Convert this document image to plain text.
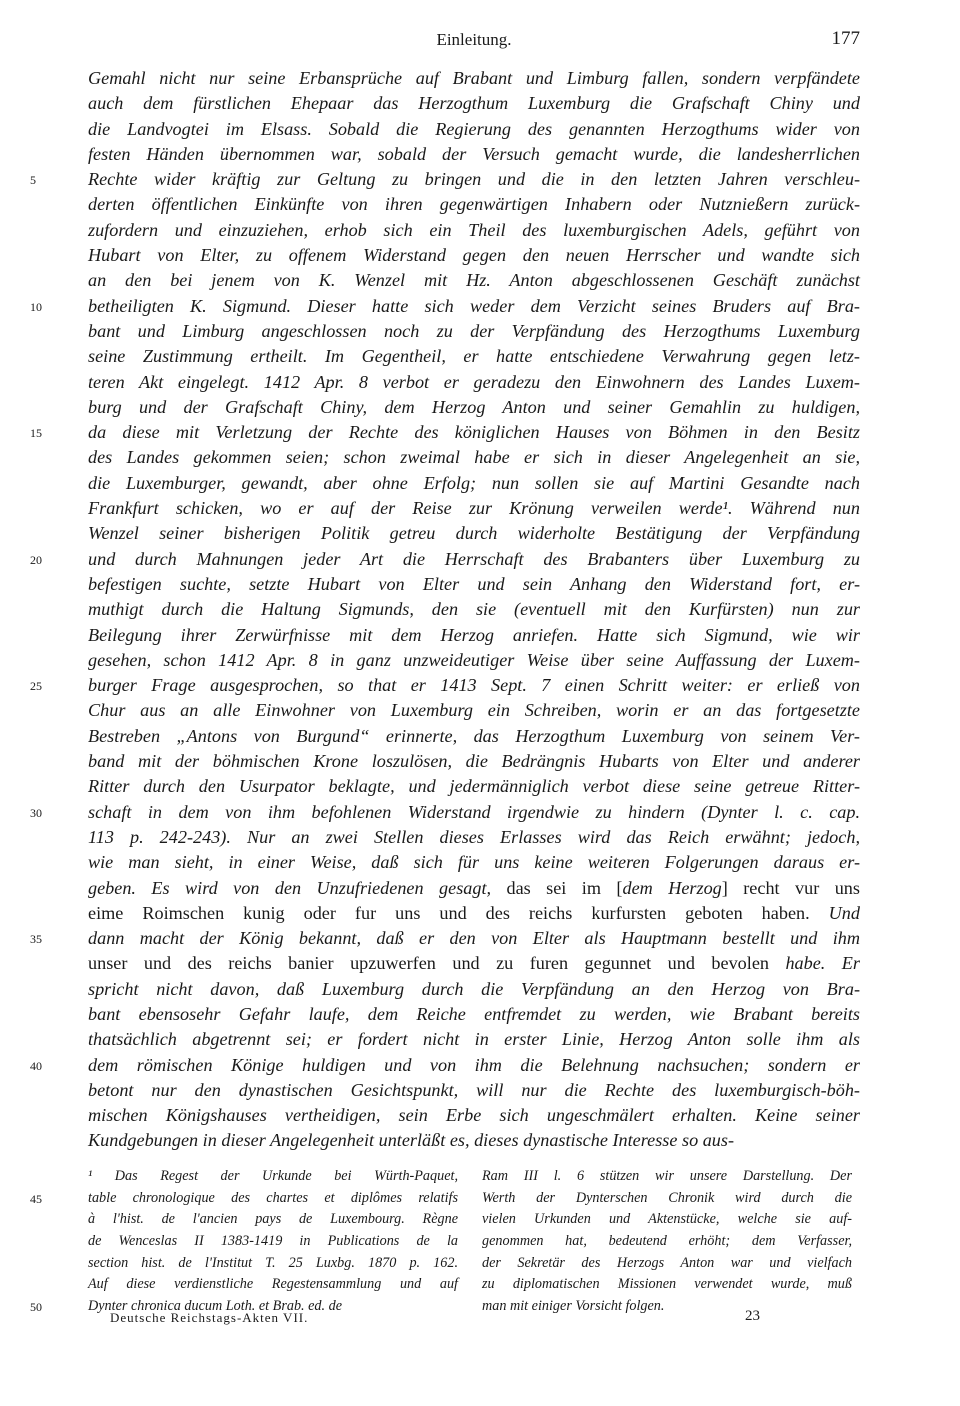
Einleitung.	177
Gemahl nicht nur seine Erbansprüche auf Brabant und Limburg fallen, sondern verpfändete
auch dem fürstlichen Ehepaar das Herzogthum Luxemburg die Grafschaft Chiny und
die Landvogtei im Elsass. Sobald die Regierung des genannten Herzogthums wider von
festen Händen übernommen war, sobald der Versuch gemacht wurde, die landesherrlichen
5	Rechte wider kräftig zur Geltung zu bringen und die in den letzten Jahren verschleu-
derten öffentlichen Einkünfte von ihren gegenwärtigen Inhabern oder Nutznießern zurück-
zufordern und einzuziehen, erhob sich ein Theil des luxemburgischen Adels, geführt von
Hubart von Elter, zu offenem Widerstand gegen den neuen Herrscher und wandte sich
an den bei jenem von K. Wenzel mit Hz. Anton abgeschlossenen Geschäft zunächst
10	betheiligten K. Sigmund. Dieser hatte sich weder dem Verzicht seines Bruders auf Bra-
bant und Limburg angeschlossen noch zu der Verpfändung des Herzogthums Luxemburg
seine Zustimmung ertheilt. Im Gegentheil, er hatte entschiedene Verwahrung gegen letz-
teren Akt eingelegt. 1412 Apr. 8 verbot er geradezu den Einwohnern des Landes Luxem-
burg und der Grafschaft Chiny, dem Herzog Anton und seiner Gemahlin zu huldigen,
15	da diese mit Verletzung der Rechte des königlichen Hauses von Böhmen in den Besitz
des Landes gekommen seien; schon zweimal habe er sich in dieser Angelegenheit an sie,
die Luxemburger, gewandt, aber ohne Erfolg; nun sollen sie auf Martini Gesandte nach
Frankfurt schicken, wo er auf der Reise zur Krönung verweilen werde¹. Während nun
Wenzel seiner bisherigen Politik getreu durch widerholte Bestätigung der Verpfändung
20	und durch Mahnungen jeder Art die Herrschaft des Brabanters über Luxemburg zu
befestigen suchte, setzte Hubart von Elter und sein Anhang den Widerstand fort, er-
muthigt durch die Haltung Sigmunds, den sie (eventuell mit den Kurfürsten) nun zur
Beilegung ihrer Zerwürfnisse mit dem Herzog anriefen. Hatte sich Sigmund, wie wir
gesehen, schon 1412 Apr. 8 in ganz unzweideutiger Weise über seine Auffassung der Luxem-
25	burger Frage ausgesprochen, so that er 1413 Sept. 7 einen Schritt weiter: er erließ von
Chur aus an alle Einwohner von Luxemburg ein Schreiben, worin er an das fortgesetzte
Bestreben „Antons von Burgund“ erinnerte, das Herzogthum Luxemburg von seinem Ver-
band mit der böhmischen Krone loszulösen, die Bedrängnis Hubarts von Elter und anderer
Ritter durch den Usurpator beklagte, und jedermänniglich verbot diese seine getreue Ritter-
30	schaft in dem von ihm befohlenen Widerstand irgendwie zu hindern (Dynter l. c. cap.
113 p. 242-243). Nur an zwei Stellen dieses Erlasses wird das Reich erwähnt; jedoch,
wie man sieht, in einer Weise, daß sich für uns keine weiteren Folgerungen daraus er-
geben. Es wird von den Unzufriedenen gesagt, das sei im [dem Herzog] recht vur uns
eime Roimschen kunig oder fur uns und des reichs kurfursten geboten haben. Und
35	dann macht der König bekannt, daß er den von Elter als Hauptmann bestellt und ihm
unser und des reichs banier upzuwerfen und zu furen gegunnet und bevolen habe. Er
spricht nicht davon, daß Luxemburg durch die Verpfändung an den Herzog von Bra-
bant ebensosehr Gefahr laufe, dem Reiche entfremdet zu werden, wie Brabant bereits
thatsächlich abgetrennt sei; er fordert nicht in erster Linie, Herzog Anton solle ihm als
40	dem römischen Könige huldigen und von ihm die Belehnung nachsuchen; sondern er
betont nur den dynastischen Gesichtspunkt, will nur die Rechte des luxemburgisch-böh-
mischen Königshauses vertheidigen, sein Erbe sich ungeschmälert erhalten. Keine seiner
Kundgebungen in dieser Angelegenheit unterläßt es, dieses dynastische Interesse so aus-
¹ Das Regest der Urkunde bei Würth-Paquet,
45	table chronologique des chartes et diplômes relatifs
à l'hist. de l'ancien pays de Luxembourg. Règne
de Wenceslas II 1383-1419 in Publications de la
section hist. de l'Institut T. 25 Luxbg. 1870 p. 162.
Auf diese verdienstliche Regestensammlung und auf
50	Dynter chronica ducum Loth. et Brab. ed. de
Ram III l. 6 stützen wir unsere Darstellung. Der
Werth der Dynterschen Chronik wird durch die
vielen Urkunden und Aktenstücke, welche sie auf-
genommen hat, bedeutend erhöht; dem Verfasser,
der Sekretär des Herzogs Anton war und vielfach
zu diplomatischen Missionen verwendet wurde, muß
man mit einiger Vorsicht folgen.
Deutsche Reichstags-Akten VII.	23
